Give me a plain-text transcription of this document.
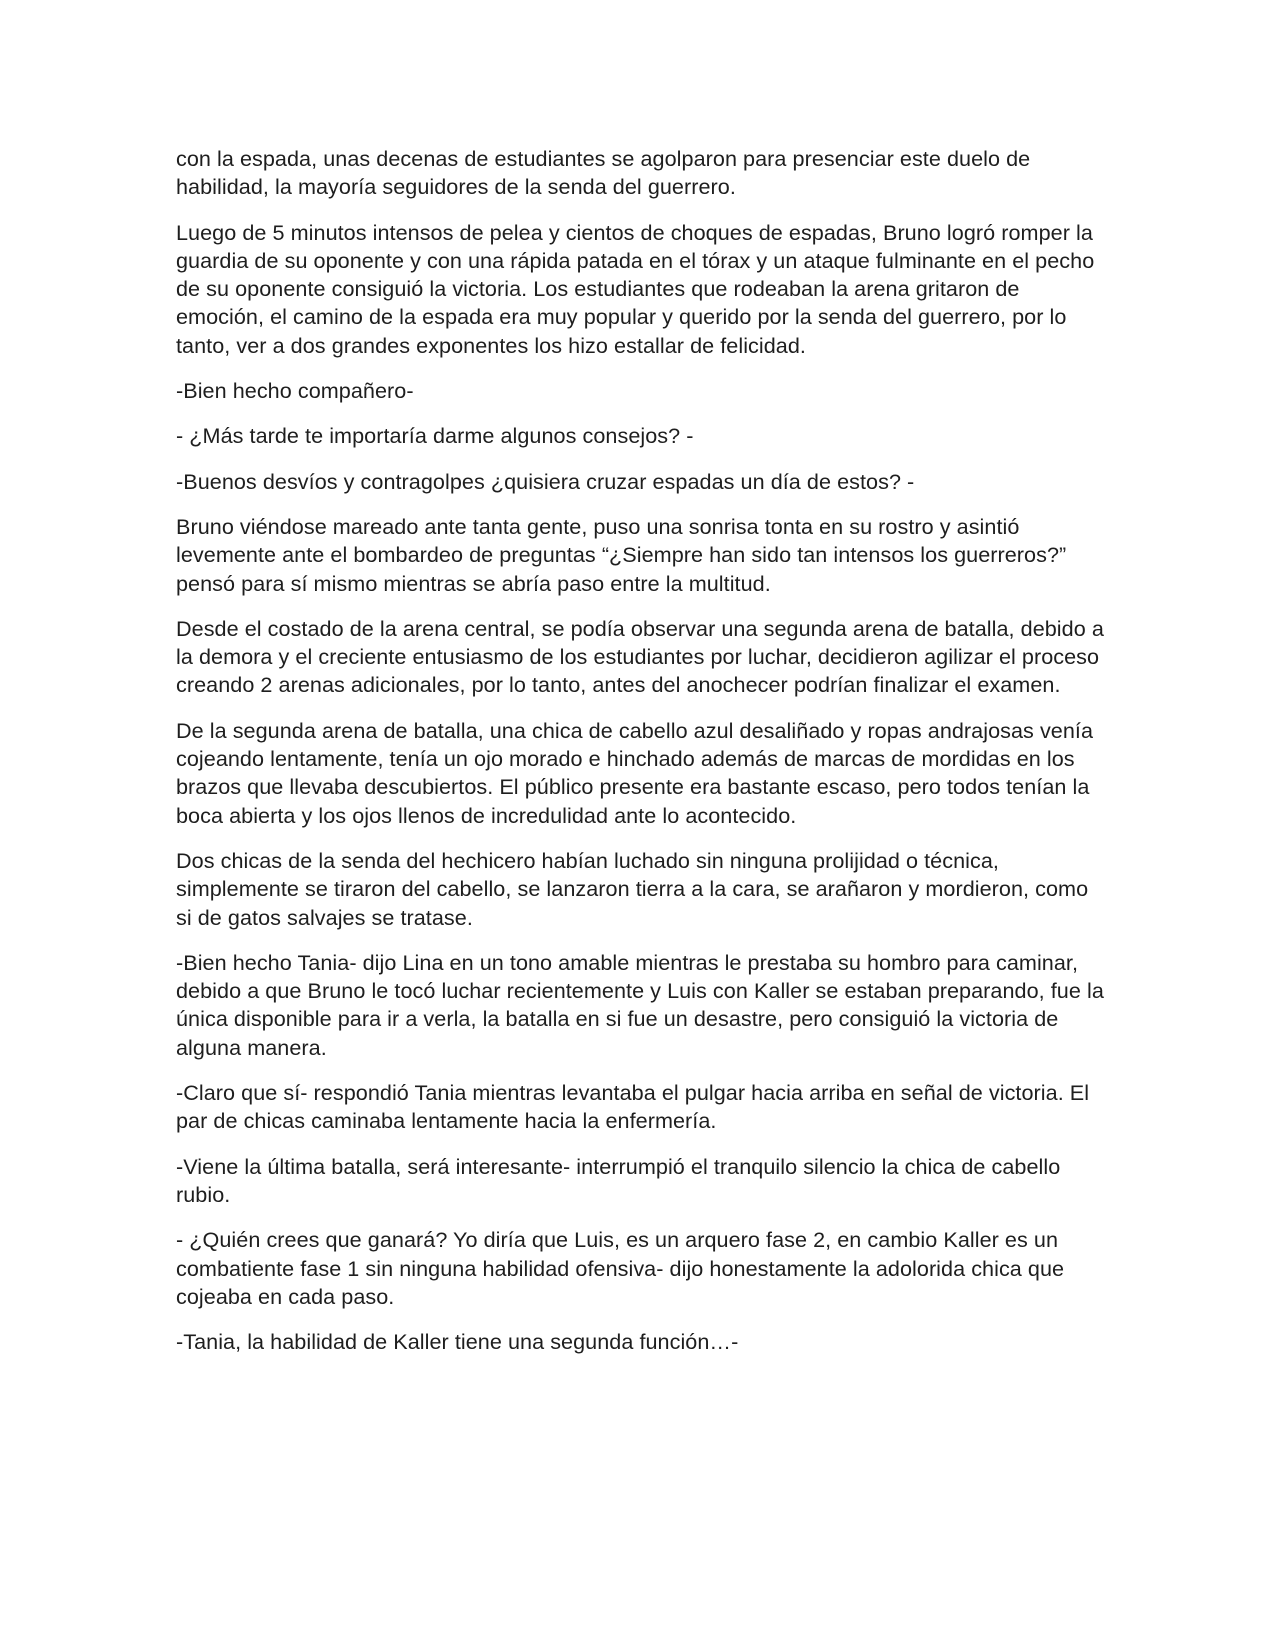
con la espada, unas decenas de estudiantes se agolparon para presenciar este duelo de habilidad, la mayoría seguidores de la senda del guerrero.

Luego de 5 minutos intensos de pelea y cientos de choques de espadas, Bruno logró romper la guardia de su oponente y con una rápida patada en el tórax y un ataque fulminante en el pecho de su oponente consiguió la victoria. Los estudiantes que rodeaban la arena gritaron de emoción, el camino de la espada era muy popular y querido por la senda del guerrero, por lo tanto, ver a dos grandes exponentes los hizo estallar de felicidad.

-Bien hecho compañero-

- ¿Más tarde te importaría darme algunos consejos? -

-Buenos desvíos y contragolpes ¿quisiera cruzar espadas un día de estos? -

Bruno viéndose mareado ante tanta gente, puso una sonrisa tonta en su rostro y asintió levemente ante el bombardeo de preguntas “¿Siempre han sido tan intensos los guerreros?” pensó para sí mismo mientras se abría paso entre la multitud.

Desde el costado de la arena central, se podía observar una segunda arena de batalla, debido a la demora y el creciente entusiasmo de los estudiantes por luchar, decidieron agilizar el proceso creando 2 arenas adicionales, por lo tanto, antes del anochecer podrían finalizar el examen.

De la segunda arena de batalla, una chica de cabello azul desaliñado y ropas andrajosas venía cojeando lentamente, tenía un ojo morado e hinchado además de marcas de mordidas en los brazos que llevaba descubiertos. El público presente era bastante escaso, pero todos tenían la boca abierta y los ojos llenos de incredulidad ante lo acontecido.

Dos chicas de la senda del hechicero habían luchado sin ninguna prolijidad o técnica, simplemente se tiraron del cabello, se lanzaron tierra a la cara, se arañaron y mordieron, como si de gatos salvajes se tratase.

-Bien hecho Tania- dijo Lina en un tono amable mientras le prestaba su hombro para caminar, debido a que Bruno le tocó luchar recientemente y Luis con Kaller se estaban preparando, fue la única disponible para ir a verla, la batalla en si fue un desastre, pero consiguió la victoria de alguna manera.

-Claro que sí- respondió Tania mientras levantaba el pulgar hacia arriba en señal de victoria. El par de chicas caminaba lentamente hacia la enfermería.

-Viene la última batalla, será interesante- interrumpió el tranquilo silencio la chica de cabello rubio.

- ¿Quién crees que ganará? Yo diría que Luis, es un arquero fase 2, en cambio Kaller es un combatiente fase 1 sin ninguna habilidad ofensiva- dijo honestamente la adolorida chica que cojeaba en cada paso.

-Tania, la habilidad de Kaller tiene una segunda función…-
